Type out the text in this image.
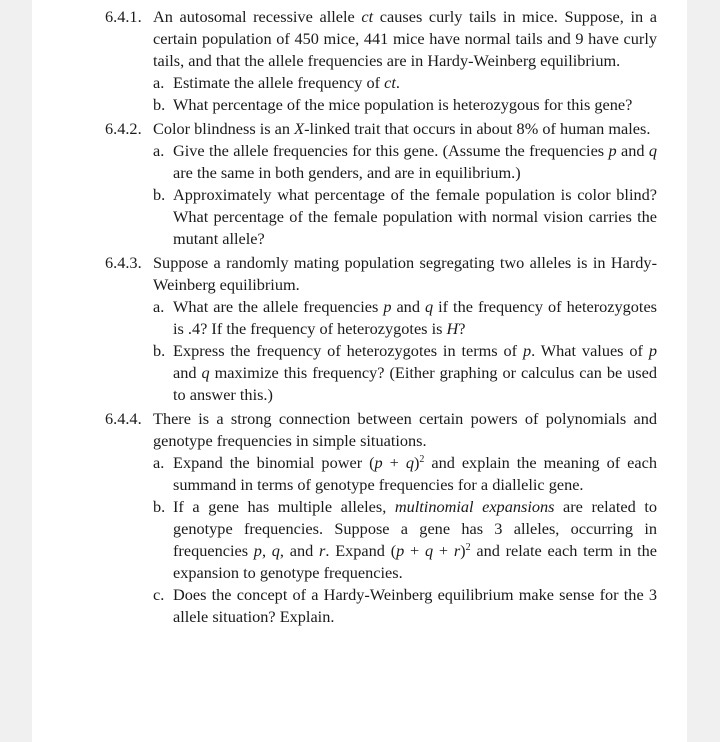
6.4.1. An autosomal recessive allele ct causes curly tails in mice. Suppose, in a certain population of 450 mice, 441 mice have normal tails and 9 have curly tails, and that the allele frequencies are in Hardy-Weinberg equilibrium.
a. Estimate the allele frequency of ct.
b. What percentage of the mice population is heterozygous for this gene?
6.4.2. Color blindness is an X-linked trait that occurs in about 8% of human males.
a. Give the allele frequencies for this gene. (Assume the frequencies p and q are the same in both genders, and are in equilibrium.)
b. Approximately what percentage of the female population is color blind? What percentage of the female population with normal vision carries the mutant allele?
6.4.3. Suppose a randomly mating population segregating two alleles is in Hardy-Weinberg equilibrium.
a. What are the allele frequencies p and q if the frequency of heterozygotes is .4? If the frequency of heterozygotes is H?
b. Express the frequency of heterozygotes in terms of p. What values of p and q maximize this frequency? (Either graphing or calculus can be used to answer this.)
6.4.4. There is a strong connection between certain powers of polynomials and genotype frequencies in simple situations.
a. Expand the binomial power $(p + q)^2$ and explain the meaning of each summand in terms of genotype frequencies for a diallelic gene.
b. If a gene has multiple alleles, multinomial expansions are related to genotype frequencies. Suppose a gene has 3 alleles, occurring in frequencies p, q, and r. Expand $(p + q + r)^2$ and relate each term in the expansion to genotype frequencies.
c. Does the concept of a Hardy-Weinberg equilibrium make sense for the 3 allele situation? Explain.
